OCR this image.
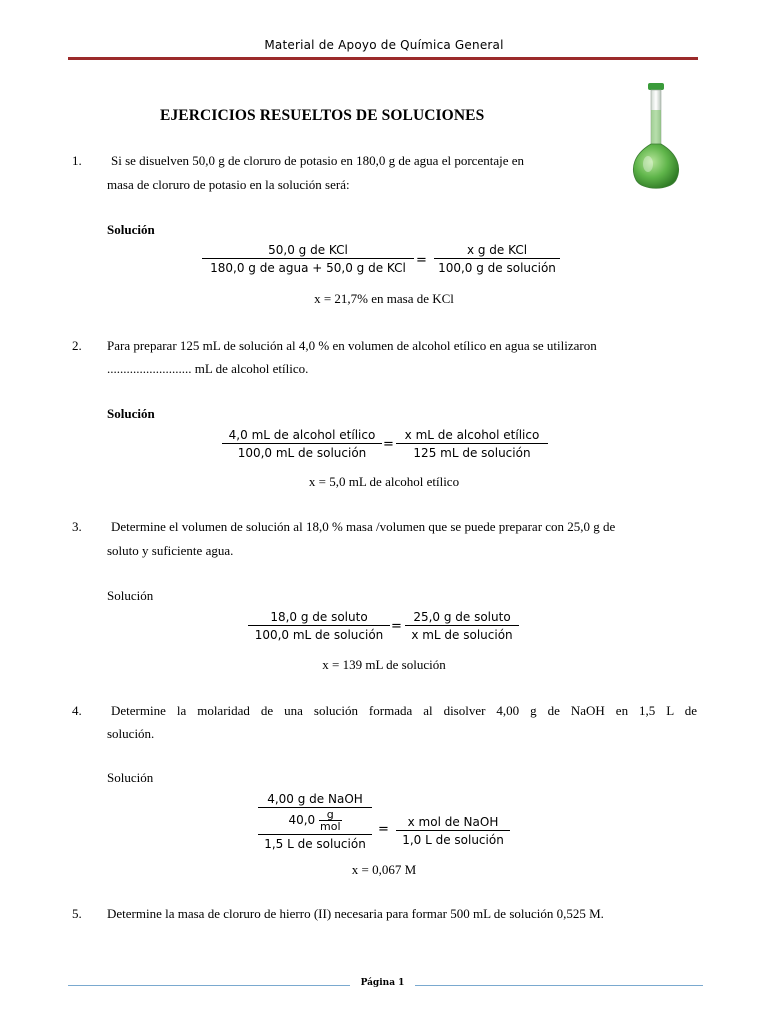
Material de Apoyo de Química General
EJERCICIOS RESUELTOS DE SOLUCIONES
1. Si se disuelven 50,0 g de cloruro de potasio en 180,0 g de agua el porcentaje en
masa de cloruro de potasio en la solución será:
Solución
50,0 g de KCl
180,0 g de agua + 50,0 g de KCl =
x g de KCl
100,0 g de solución
x = 21,7% en masa de KCl
2. Para preparar 125 mL de solución al 4,0 % en volumen de alcohol etílico en agua se utilizaron
.......................... mL de alcohol etílico.
Solución
4,0 mL de alcohol etílico
100,0 mL de solución
=
x mL de alcohol etílico
125 mL de solución
x = 5,0 mL de alcohol etílico
3. Determine el volumen de solución al 18,0 % masa /volumen que se puede preparar con 25,0 g de
soluto y suficiente agua.
Solución
18,0 g de soluto
100,0 mL de solución
=
25,0 g de soluto
x mL de solución
x = 139 mL de solución
4. Determine la molaridad de una solución formada al disolver 4,00 g de NaOH en 1,5 L de
solución.
Solución
4,00 g de NaOH
40,0	g
mol
1,5 L de solución
=	x mol de NaOH
1,0 L de solución
x = 0,067 M
5. Determine la masa de cloruro de hierro (II) necesaria para formar 500 mL de solución 0,525 M.
Página 1
